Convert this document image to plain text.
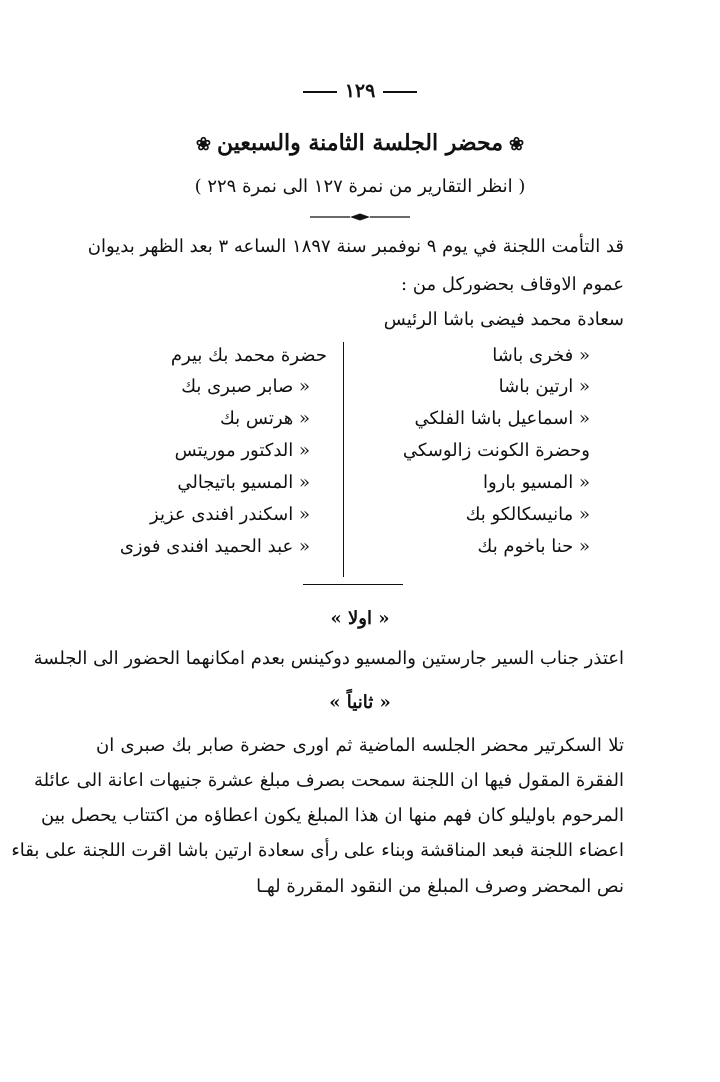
١٢٩
❀محضر الجلسة الثامنة والسبعين❀
( انظر التقارير من نمرة ١٢٧ الى نمرة ٢٢٩ )
قد التأمت اللجنة في يوم ٩ نوفمبر سنة ١٨٩٧ الساعه ٣ بعد الظهر بديوان
عموم الاوقاف بحضوركل من :
سعادة محمد فيضى باشا الرئيس
« فخرى باشا
« ارتين باشا
« اسماعيل باشا الفلكي
وحضرة الكونت زالوسكي
« المسيو باروا
« مانيسكالكو بك
« حنا باخوم بك
حضرة محمد بك بيرم
« صابر صبرى بك
« هرتس بك
« الدكتور موريتس
« المسيو باتيجالي
« اسكندر افندى عزيز
« عبد الحميد افندى فوزى
« اولا »
اعتذر جناب السير جارستين والمسيو دوكينس بعدم امكانهما الحضور الى الجلسة
« ثانياً »
تلا السكرتير محضر الجلسه الماضية ثم اورى حضرة صابر بك صبرى ان
الفقرة المقول فيها ان اللجنة سمحت بصرف مبلغ عشرة جنيهات اعانة الى عائلة
المرحوم باوليلو كان فهم منها ان هذا المبلغ يكون اعطاؤه من اكتتاب يحصل بين
اعضاء اللجنة فبعد المناقشة وبناء على رأى سعادة ارتين باشا اقرت اللجنة على بقاء
نص المحضر وصرف المبلغ من النقود المقررة لهـا
